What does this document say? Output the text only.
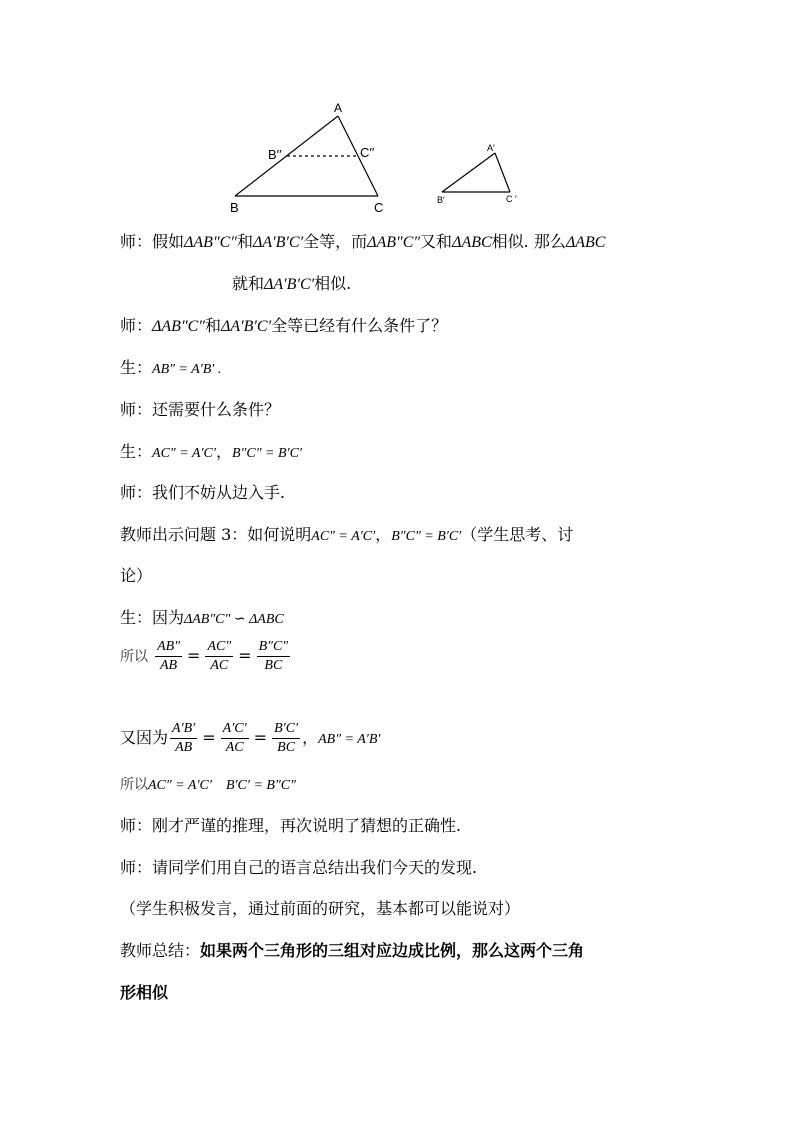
A
B	C
B′′	C′′	A′
B′	C ′
师：假如ΔAB″C″和ΔA′B′C′全等，而ΔAB″C″又和ΔABC相似. 那么ΔABC
就和ΔA′B′C′相似.
师：ΔAB″C″和ΔA′B′C′全等已经有什么条件了？
生：AB″ = A′B′ .
师：还需要什么条件？
生：AC″ = A′C′，B″C″ = B′C′
师：我们不妨从边入手.
教师出示问题 3：如何说明AC″ = A′C′，B″C″ = B′C′（学生思考、讨
论）
生：因为ΔAB″C″ ∽ ΔABC
所以 $\frac{AB''}{AB} = \frac{AC''}{AC} = \frac{B''C''}{BC}$
又因为 $\frac{A'B'}{AB} = \frac{A'C'}{AC} = \frac{B'C'}{BC}$ ，AB″ = A′B′
所以AC″ = A′C′ B′C′ = B″C″
师：刚才严谨的推理，再次说明了猜想的正确性.
师：请同学们用自己的语言总结出我们今天的发现.
（学生积极发言，通过前面的研究，基本都可以能说对）
教师总结：如果两个三角形的三组对应边成比例，那么这两个三角
形相似
